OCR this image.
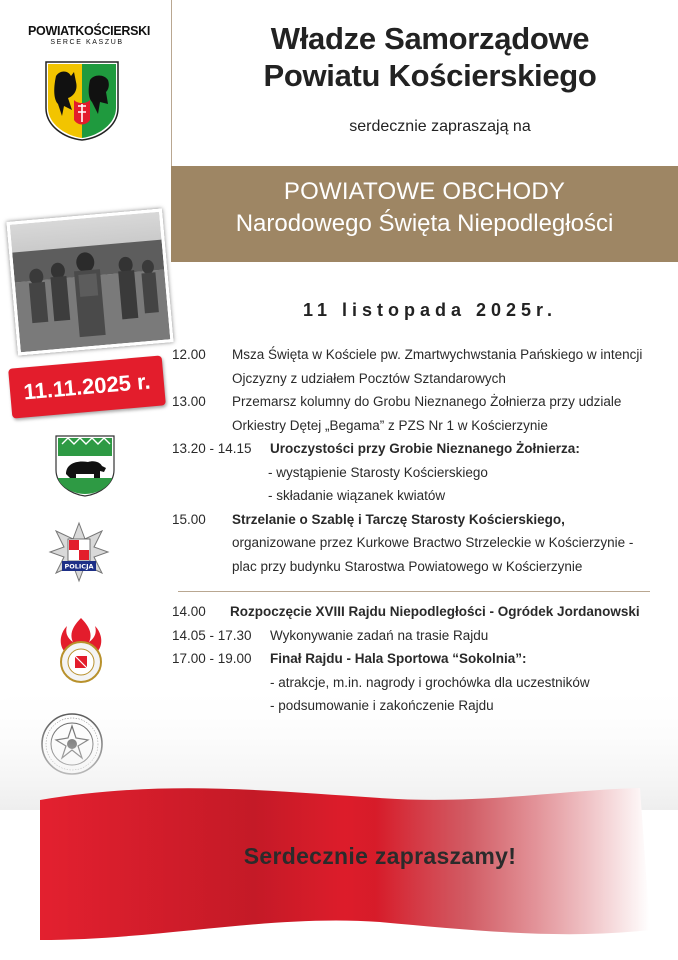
POWIATKOŚCIERSKI
SERCE KASZUB	Władze Samorządowe
Powiatu Kościerskiego
serdecznie zapraszają na
POWIATOWE OBCHODY
Narodowego Święta Niepodległości
11.11.2025 r.
POLICJA
11 listopada 2025r.
12.00 Msza Święta w Kościele pw. Zmartwychwstania Pańskiego w intencji
Ojczyzny z udziałem Pocztów Sztandarowych
13.00 Przemarsz kolumny do Grobu Nieznanego Żołnierza przy udziale
Orkiestry Dętej „Begama” z PZS Nr 1 w Kościerzynie
13.20 - 14.15 Uroczystości przy Grobie Nieznanego Żołnierza:
- wystąpienie Starosty Kościerskiego
- składanie wiązanek kwiatów
15.00 Strzelanie o Szablę i Tarczę Starosty Kościerskiego,
organizowane przez Kurkowe Bractwo Strzeleckie w Kościerzynie -
plac przy budynku Starostwa Powiatowego w Kościerzynie
Serdecznie zapraszamy!
14.00 Rozpoczęcie XVIII Rajdu Niepodległości - Ogródek Jordanowski
14.05 - 17.30 Wykonywanie zadań na trasie Rajdu
17.00 - 19.00 Finał Rajdu - Hala Sportowa “Sokolnia”:
- atrakcje, m.in. nagrody i grochówka dla uczestników
- podsumowanie i zakończenie Rajdu
